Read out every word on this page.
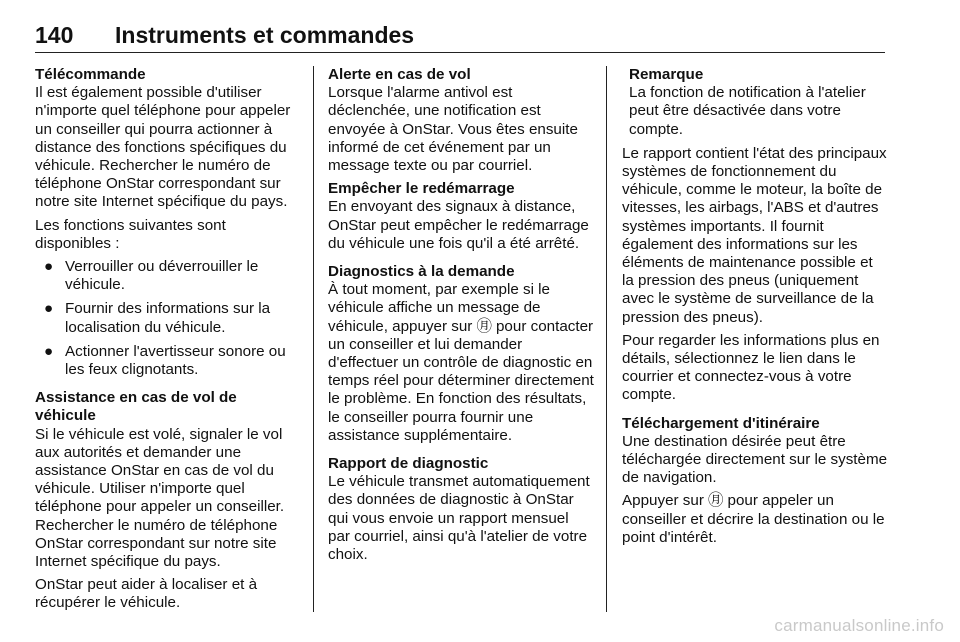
140	Instruments et commandes
Télécommande

Il est également possible d'utiliser n'importe quel téléphone pour appeler un conseiller qui pourra actionner à distance des fonctions spécifiques du véhicule. Rechercher le numéro de téléphone OnStar correspondant sur notre site Internet spécifique du pays.

Les fonctions suivantes sont disponibles :

● Verrouiller ou déverrouiller le véhicule.
● Fournir des informations sur la localisation du véhicule.
● Actionner l'avertisseur sonore ou les feux clignotants.
Assistance en cas de vol de véhicule

Si le véhicule est volé, signaler le vol aux autorités et demander une assistance OnStar en cas de vol du véhicule. Utiliser n'importe quel téléphone pour appeler un conseiller. Rechercher le numéro de téléphone OnStar correspondant sur notre site Internet spécifique du pays.

OnStar peut aider à localiser et à récupérer le véhicule.

Alerte en cas de vol

Lorsque l'alarme antivol est déclenchée, une notification est envoyée à OnStar. Vous êtes ensuite informé de cet événement par un message texte ou par courriel.

Empêcher le redémarrage

En envoyant des signaux à distance, OnStar peut empêcher le redémarrage du véhicule une fois qu'il a été arrêté.

Diagnostics à la demande

À tout moment, par exemple si le véhicule affiche un message de véhicule, appuyer sur ㊊ pour contacter un conseiller et lui demander d'effectuer un contrôle de diagnostic en temps réel pour déterminer directement le problème. En fonction des résultats, le conseiller pourra fournir une assistance supplémentaire.

Rapport de diagnostic

Le véhicule transmet automatiquement des données de diagnostic à OnStar qui vous envoie un rapport mensuel par courriel, ainsi qu'à l'atelier de votre choix.

Remarque

La fonction de notification à l'atelier peut être désactivée dans votre compte.

Le rapport contient l'état des principaux systèmes de fonctionnement du véhicule, comme le moteur, la boîte de vitesses, les airbags, l'ABS et d'autres systèmes importants. Il fournit également des informations sur les éléments de maintenance possible et la pression des pneus (uniquement avec le système de surveillance de la pression des pneus).

Pour regarder les informations plus en détails, sélectionnez le lien dans le courrier et connectez-vous à votre compte.

Téléchargement d'itinéraire

Une destination désirée peut être téléchargée directement sur le système de navigation.

Appuyer sur ㊊ pour appeler un conseiller et décrire la destination ou le point d'intérêt.

carmanualsonline.info
